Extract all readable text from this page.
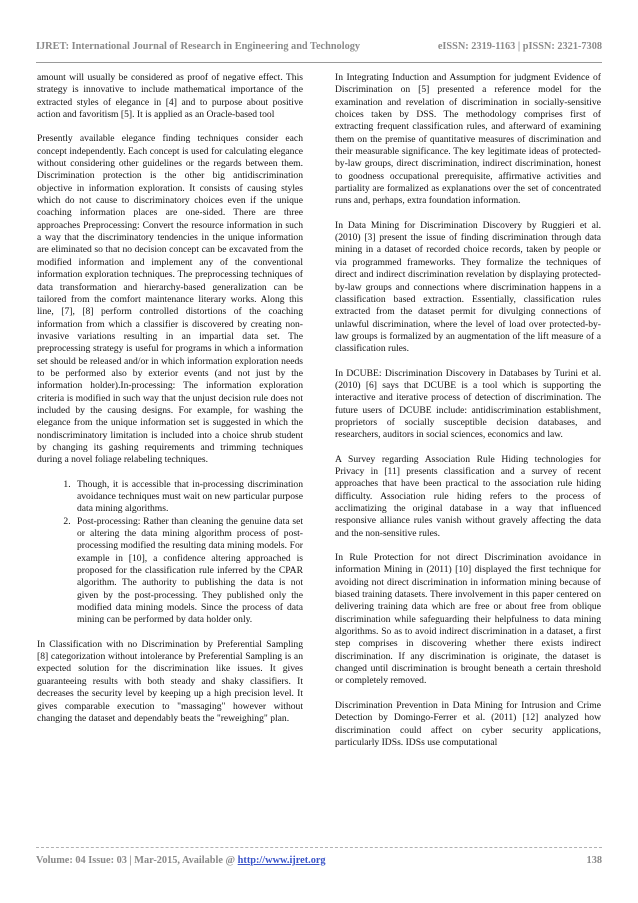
IJRET: International Journal of Research in Engineering and Technology	eISSN: 2319-1163 | pISSN: 2321-7308

amount will usually be considered as proof of negative effect. This strategy is innovative to include mathematical importance of the extracted styles of elegance in [4] and to purpose about positive action and favoritism [5]. It is applied as an Oracle-based tool

Presently available elegance finding techniques consider each concept independently. Each concept is used for calculating elegance without considering other guidelines or the regards between them. Discrimination protection is the other big antidiscrimination objective in information exploration. It consists of causing styles which do not cause to discriminatory choices even if the unique coaching information places are one-sided. There are three approaches Preprocessing: Convert the resource information in such a way that the discriminatory tendencies in the unique information are eliminated so that no decision concept can be excavated from the modified information and implement any of the conventional information exploration techniques. The preprocessing techniques of data transformation and hierarchy-based generalization can be tailored from the comfort maintenance literary works. Along this line, [7], [8] perform controlled distortions of the coaching information from which a classifier is discovered by creating non-invasive variations resulting in an impartial data set. The preprocessing strategy is useful for programs in which a information set should be released and/or in which information exploration needs to be performed also by exterior events (and not just by the information holder).In-processing: The information exploration criteria is modified in such way that the unjust decision rule does not included by the causing designs. For example, for washing the elegance from the unique information set is suggested in which the nondiscriminatory limitation is included into a choice shrub student by changing its gashing requirements and trimming techniques during a novel foliage relabeling techniques.

1. Though, it is accessible that in-processing discrimination avoidance techniques must wait on new particular purpose data mining algorithms.
2. Post-processing: Rather than cleaning the genuine data set or altering the data mining algorithm process of post-processing modified the resulting data mining models. For example in [10], a confidence altering approached is proposed for the classification rule inferred by the CPAR algorithm. The authority to publishing the data is not given by the post-processing. They published only the modified data mining models. Since the process of data mining can be performed by data holder only.

In Classification with no Discrimination by Preferential Sampling [8] categorization without intolerance by Preferential Sampling is an expected solution for the discrimination like issues. It gives guaranteeing results with both steady and shaky classifiers. It decreases the security level by keeping up a high precision level. It gives comparable execution to "massaging" however without changing the dataset and dependably beats the "reweighing" plan.

In Integrating Induction and Assumption for judgment Evidence of Discrimination on [5] presented a reference model for the examination and revelation of discrimination in socially-sensitive choices taken by DSS. The methodology comprises first of extracting frequent classification rules, and afterward of examining them on the premise of quantitative measures of discrimination and their measurable significance. The key legitimate ideas of protected-by-law groups, direct discrimination, indirect discrimination, honest to goodness occupational prerequisite, affirmative activities and partiality are formalized as explanations over the set of concentrated runs and, perhaps, extra foundation information.

In Data Mining for Discrimination Discovery by Ruggieri et al. (2010) [3] present the issue of finding discrimination through data mining in a dataset of recorded choice records, taken by people or via programmed frameworks. They formalize the techniques of direct and indirect discrimination revelation by displaying protected-by-law groups and connections where discrimination happens in a classification based extraction. Essentially, classification rules extracted from the dataset permit for divulging connections of unlawful discrimination, where the level of load over protected-by-law groups is formalized by an augmentation of the lift measure of a classification rules.

In DCUBE: Discrimination Discovery in Databases by Turini et al. (2010) [6] says that DCUBE is a tool which is supporting the interactive and iterative process of detection of discrimination. The future users of DCUBE include: antidiscrimination establishment, proprietors of socially susceptible decision databases, and researchers, auditors in social sciences, economics and law.

A Survey regarding Association Rule Hiding technologies for Privacy in [11] presents classification and a survey of recent approaches that have been practical to the association rule hiding difficulty. Association rule hiding refers to the process of acclimatizing the original database in a way that influenced responsive alliance rules vanish without gravely affecting the data and the non-sensitive rules.

In Rule Protection for not direct Discrimination avoidance in information Mining in (2011) [10] displayed the first technique for avoiding not direct discrimination in information mining because of biased training datasets. There involvement in this paper centered on delivering training data which are free or about free from oblique discrimination while safeguarding their helpfulness to data mining algorithms. So as to avoid indirect discrimination in a dataset, a first step comprises in discovering whether there exists indirect discrimination. If any discrimination is originate, the dataset is changed until discrimination is brought beneath a certain threshold or completely removed.

Discrimination Prevention in Data Mining for Intrusion and Crime Detection by Domingo-Ferrer et al. (2011) [12] analyzed how discrimination could affect on cyber security applications, particularly IDSs. IDSs use computational

Volume: 04 Issue: 03 | Mar-2015, Available @ http://www.ijret.org	138
